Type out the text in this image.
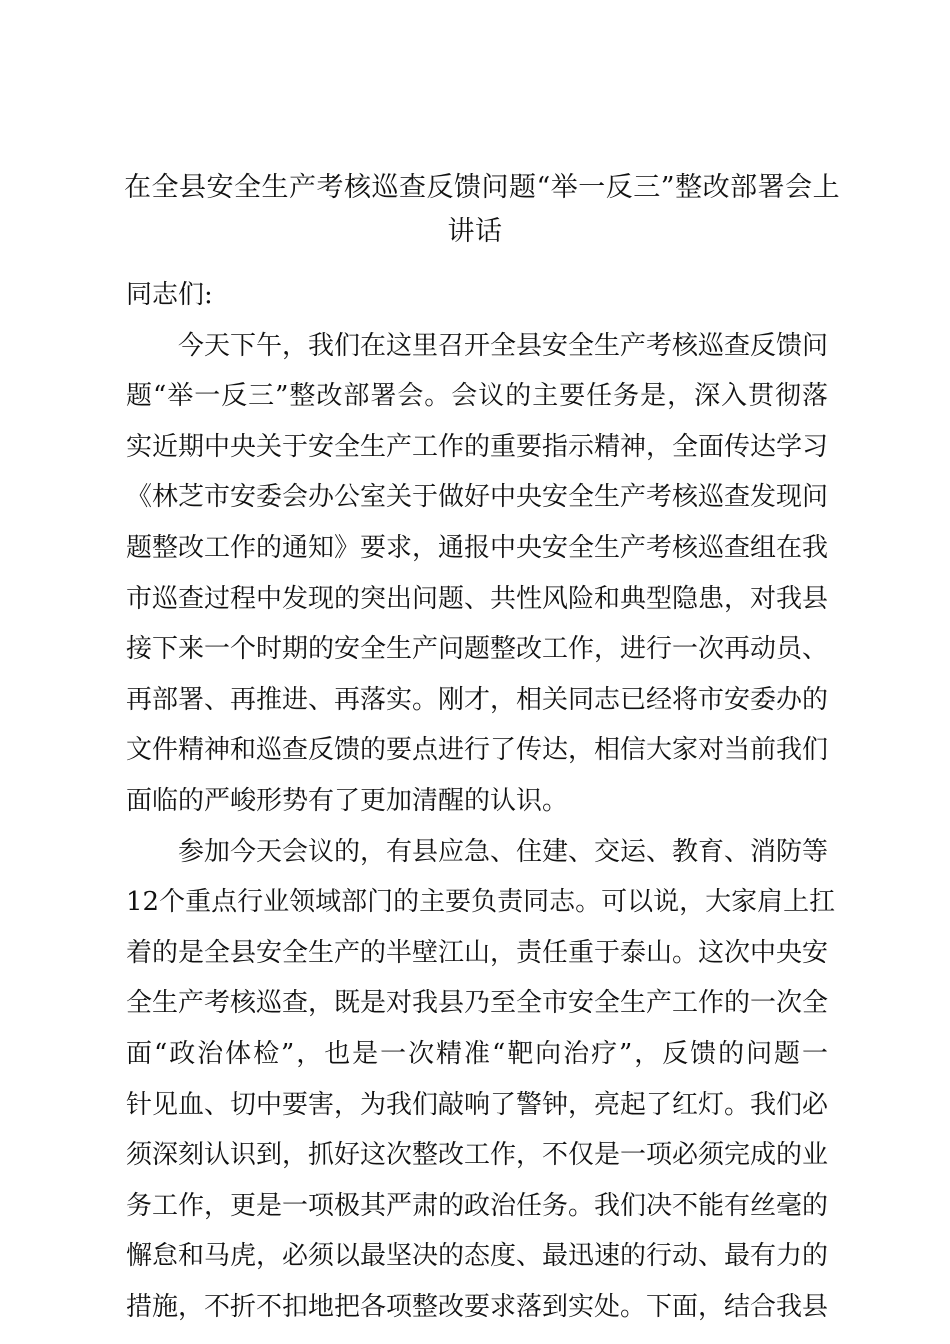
在全县安全生产考核巡查反馈问题“举一反三”整改部署会上
讲话
同志们:
今天下午，我们在这里召开全县安全生产考核巡查反馈问
题“举一反三”整改部署会。会议的主要任务是，深入贯彻落
实近期中央关于安全生产工作的重要指示精神，全面传达学习
《林芝市安委会办公室关于做好中央安全生产考核巡查发现问
题整改工作的通知》要求，通报中央安全生产考核巡查组在我
市巡查过程中发现的突出问题、共性风险和典型隐患，对我县
接下来一个时期的安全生产问题整改工作，进行一次再动员、
再部署、再推进、再落实。刚才，相关同志已经将市安委办的
文件精神和巡查反馈的要点进行了传达，相信大家对当前我们
面临的严峻形势有了更加清醒的认识。
参加今天会议的，有县应急、住建、交运、教育、消防等
12个重点行业领域部门的主要负责同志。可以说，大家肩上扛
着的是全县安全生产的半壁江山，责任重于泰山。这次中央安
全生产考核巡查，既是对我县乃至全市安全生产工作的一次全
面“政治体检”，也是一次精准“靶向治疗”，反馈的问题一
针见血、切中要害，为我们敲响了警钟，亮起了红灯。我们必
须深刻认识到，抓好这次整改工作，不仅是一项必须完成的业
务工作，更是一项极其严肃的政治任务。我们决不能有丝毫的
懈怠和马虎，必须以最坚决的态度、最迅速的行动、最有力的
措施，不折不扣地把各项整改要求落到实处。下面，结合我县
